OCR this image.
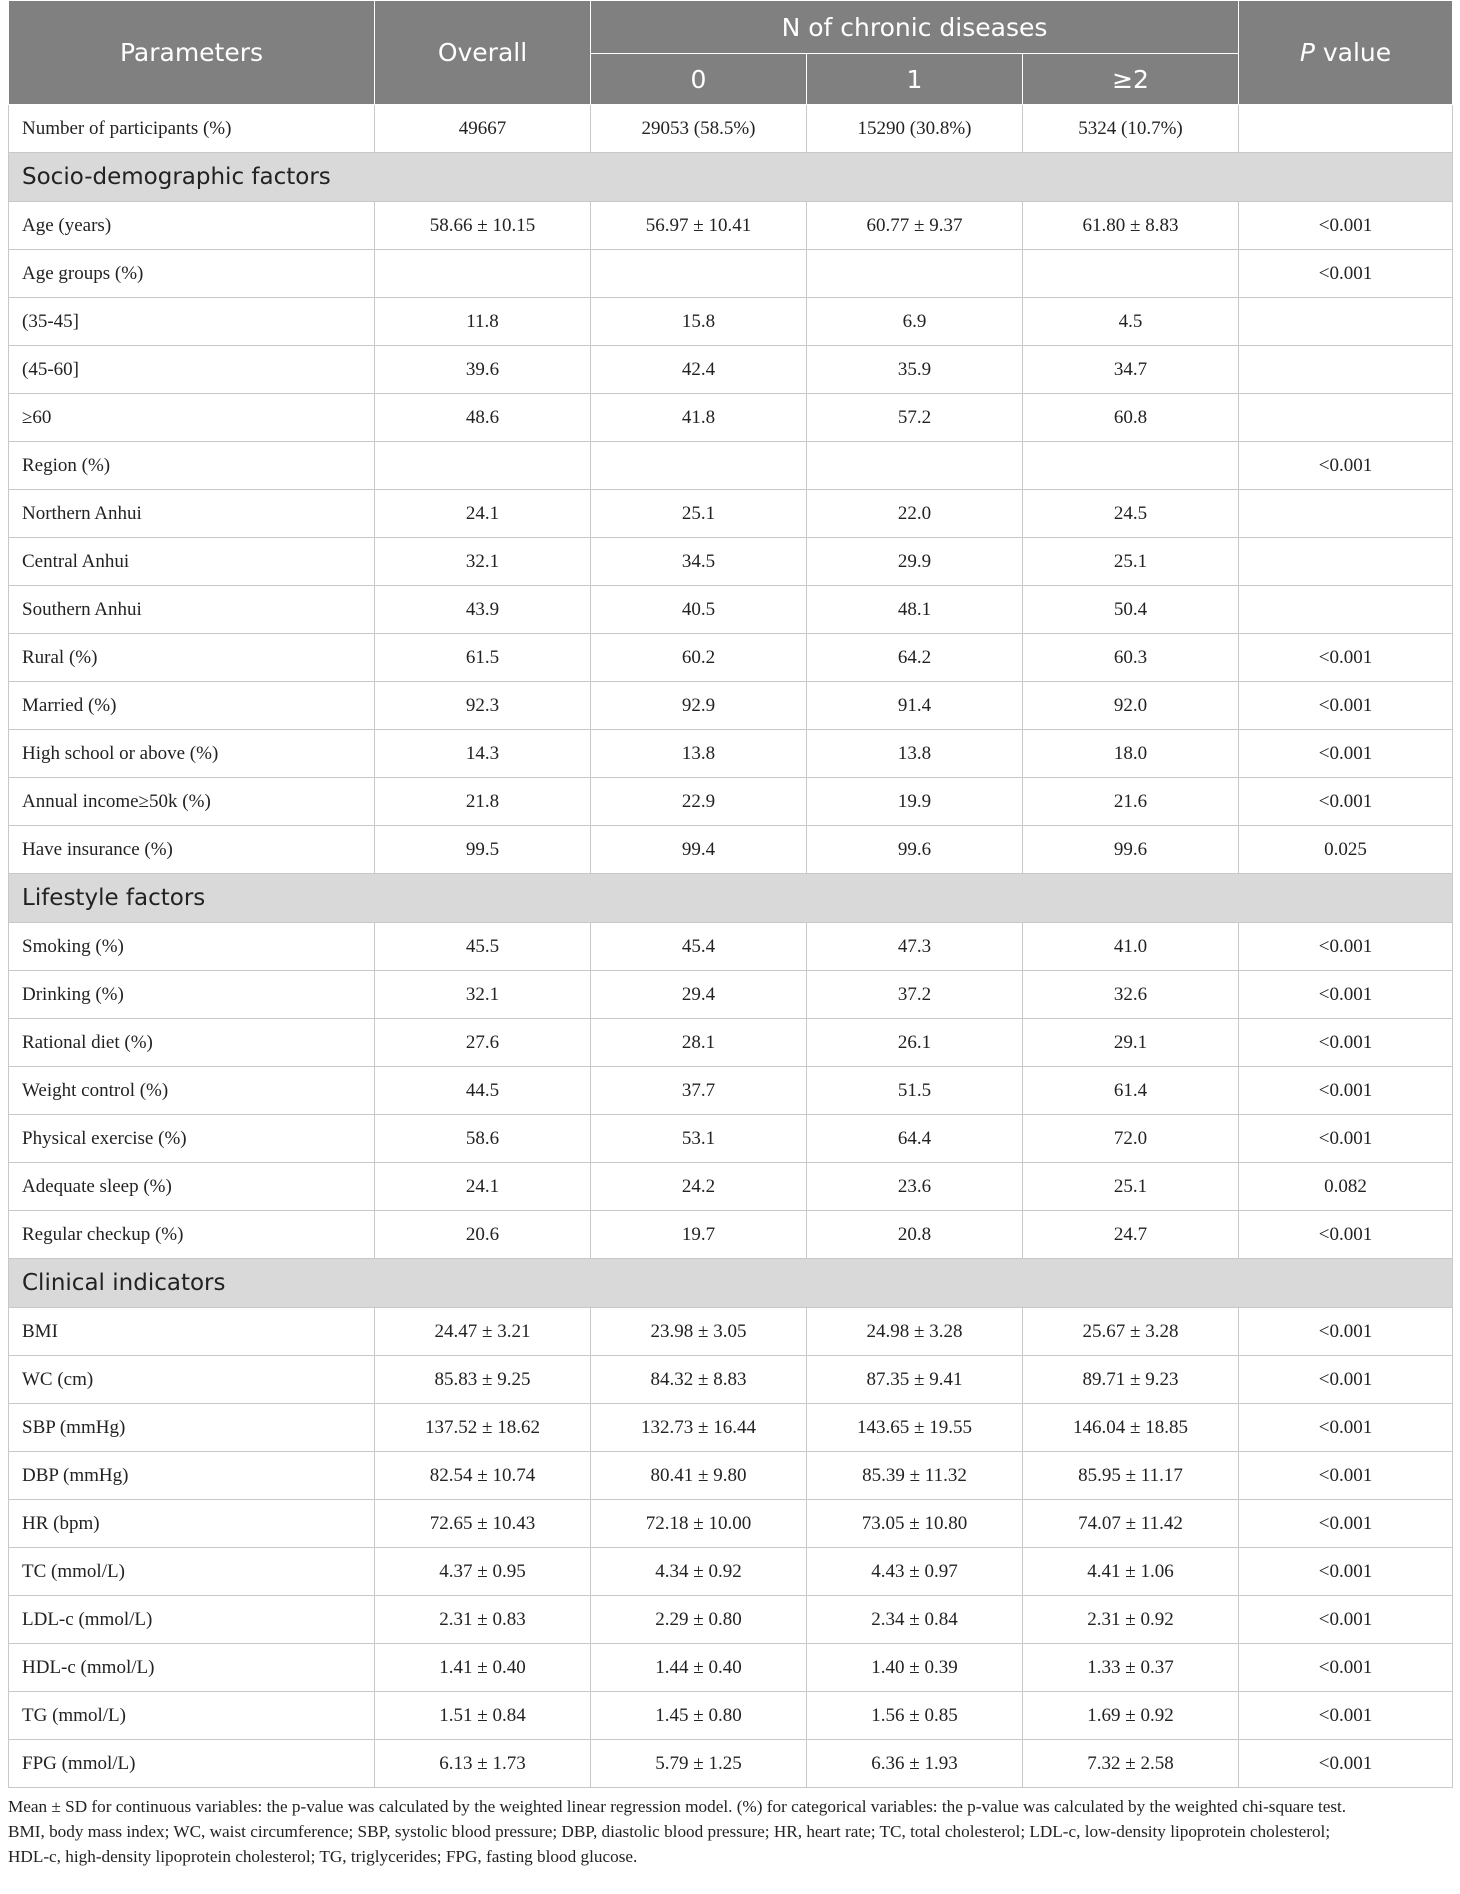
Parameters	Overall	N of chronic diseases			P value
		0	1	≥2	
Number of participants (%)	49667	29053 (58.5%)	15290 (30.8%)	5324 (10.7%)	
Socio-demographic factors					
Age (years)	58.66 ± 10.15	56.97 ± 10.41	60.77 ± 9.37	61.80 ± 8.83	<0.001
Age groups (%)					<0.001
(35-45]	11.8	15.8	6.9	4.5	
(45-60]	39.6	42.4	35.9	34.7	
≥60	48.6	41.8	57.2	60.8	
Region (%)					<0.001
Northern Anhui	24.1	25.1	22.0	24.5	
Central Anhui	32.1	34.5	29.9	25.1	
Southern Anhui	43.9	40.5	48.1	50.4	
Rural (%)	61.5	60.2	64.2	60.3	<0.001
Married (%)	92.3	92.9	91.4	92.0	<0.001
High school or above (%)	14.3	13.8	13.8	18.0	<0.001
Annual income≥50k (%)	21.8	22.9	19.9	21.6	<0.001
Have insurance (%)	99.5	99.4	99.6	99.6	0.025
Lifestyle factors					
Smoking (%)	45.5	45.4	47.3	41.0	<0.001
Drinking (%)	32.1	29.4	37.2	32.6	<0.001
Rational diet (%)	27.6	28.1	26.1	29.1	<0.001
Weight control (%)	44.5	37.7	51.5	61.4	<0.001
Physical exercise (%)	58.6	53.1	64.4	72.0	<0.001
Adequate sleep (%)	24.1	24.2	23.6	25.1	0.082
Regular checkup (%)	20.6	19.7	20.8	24.7	<0.001
Clinical indicators					
BMI	24.47 ± 3.21	23.98 ± 3.05	24.98 ± 3.28	25.67 ± 3.28	<0.001
WC (cm)	85.83 ± 9.25	84.32 ± 8.83	87.35 ± 9.41	89.71 ± 9.23	<0.001
SBP (mmHg)	137.52 ± 18.62	132.73 ± 16.44	143.65 ± 19.55	146.04 ± 18.85	<0.001
DBP (mmHg)	82.54 ± 10.74	80.41 ± 9.80	85.39 ± 11.32	85.95 ± 11.17	<0.001
HR (bpm)	72.65 ± 10.43	72.18 ± 10.00	73.05 ± 10.80	74.07 ± 11.42	<0.001
TC (mmol/L)	4.37 ± 0.95	4.34 ± 0.92	4.43 ± 0.97	4.41 ± 1.06	<0.001
LDL-c (mmol/L)	2.31 ± 0.83	2.29 ± 0.80	2.34 ± 0.84	2.31 ± 0.92	<0.001
HDL-c (mmol/L)	1.41 ± 0.40	1.44 ± 0.40	1.40 ± 0.39	1.33 ± 0.37	<0.001
TG (mmol/L)	1.51 ± 0.84	1.45 ± 0.80	1.56 ± 0.85	1.69 ± 0.92	<0.001
FPG (mmol/L)	6.13 ± 1.73	5.79 ± 1.25	6.36 ± 1.93	7.32 ± 2.58	<0.001

Mean ± SD for continuous variables: the p-value was calculated by the weighted linear regression model. (%) for categorical variables: the p-value was calculated by the weighted chi-square test.

BMI, body mass index; WC, waist circumference; SBP, systolic blood pressure; DBP, diastolic blood pressure; HR, heart rate; TC, total cholesterol; LDL-c, low-density lipoprotein cholesterol;

HDL-c, high-density lipoprotein cholesterol; TG, triglycerides; FPG, fasting blood glucose.
